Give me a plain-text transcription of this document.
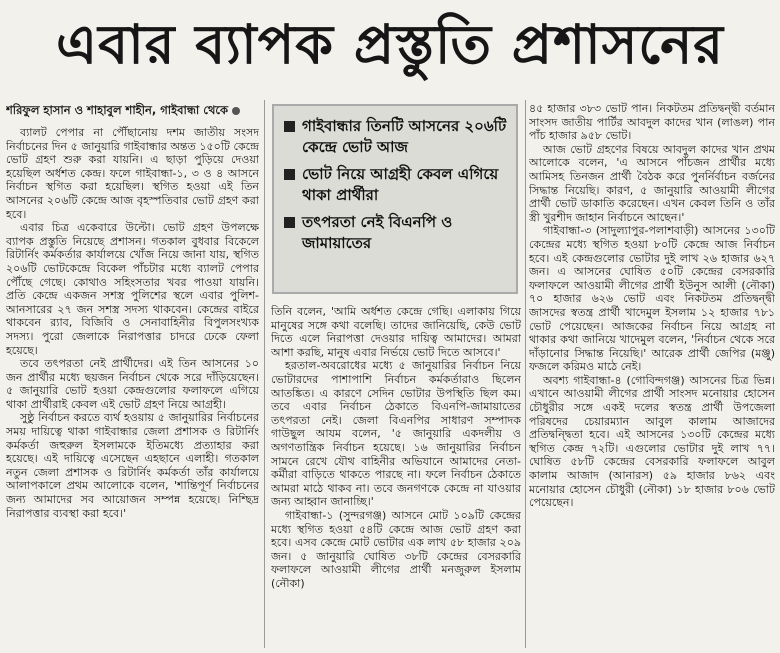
এবার ব্যাপক প্রস্তুতি প্রশাসনের
শরিফুল হাসান ও শাহাবুল শাহীন, গাইবান্ধা থেকে

ব্যালট পেপার না পৌঁছানোয় দশম জাতীয় সংসদ নির্বাচনের দিন ৫ জানুয়ারি গাইবান্ধার অন্তত ১৫০টি কেন্দ্রে ভোট গ্রহণ শুরু করা যায়নি। এ ছাড়া পুড়িয়ে দেওয়া হয়েছিল অর্ধশত কেন্দ্র। ফলে গাইবান্ধা-১, ৩ ও ৪ আসনে নির্বাচন স্থগিত করা হয়েছিল। স্থগিত হওয়া এই তিন আসনের ২০৬টি কেন্দ্রে আজ বৃহস্পতিবার ভোট গ্রহণ করা হবে।

এবার চিত্র একেবারে উল্টো। ভোট গ্রহণ উপলক্ষে ব্যাপক প্রস্তুতি নিয়েছে প্রশাসন। গতকাল বুধবার বিকেলে রিটার্নিং কর্মকর্তার কার্যালয়ে খোঁজ নিয়ে জানা যায়, স্থগিত ২০৬টি ভোটকেন্দ্রে বিকেল পাঁচটার মধ্যে ব্যালট পেপার পৌঁছে গেছে। কোথাও সহিংসতার খবর পাওয়া যায়নি। প্রতি কেন্দ্রে একজন সশস্ত্র পুলিশের স্থলে এবার পুলিশ-আনসারের ২৭ জন সশস্ত্র সদস্য থাকবেন। কেন্দ্রের বাইরে থাকবেন র‍্যাব, বিজিবি ও সেনাবাহিনীর বিপুলসংখ্যক সদস্য। পুরো জেলাকে নিরাপত্তার চাদরে ঢেকে ফেলা হয়েছে।

তবে তৎপরতা নেই প্রার্থীদের। এই তিন আসনের ১০ জন প্রার্থীর মধ্যে ছয়জন নির্বাচন থেকে সরে দাঁড়িয়েছেন। ৫ জানুয়ারি ভোট হওয়া কেন্দ্রগুলোর ফলাফলে এগিয়ে থাকা প্রার্থীরাই কেবল এই ভোট গ্রহণ নিয়ে আগ্রহী।

সুষ্ঠু নির্বাচন করতে ব্যর্থ হওয়ায় ৫ জানুয়ারির নির্বাচনের সময় দায়িত্বে থাকা গাইবান্ধার জেলা প্রশাসক ও রিটার্নিং কর্মকর্তা জহুরুল ইসলামকে ইতিমধ্যে প্রত্যাহার করা হয়েছে। এই দায়িত্বে এসেছেন এহছানে এলাহী। গতকাল নতুন জেলা প্রশাসক ও রিটার্নিং কর্মকর্তা তাঁর কার্যালয়ে আলাপকালে প্রথম আলোকে বলেন, 'শান্তিপূর্ণ নির্বাচনের জন্য আমাদের সব আয়োজন সম্পন্ন হয়েছে। নিশ্ছিদ্র নিরাপত্তার ব্যবস্থা করা হবে।'

গাইবান্ধার তিনটি আসনের ২০৬টি কেন্দ্রে ভোট আজ
ভোট নিয়ে আগ্রহী কেবল এগিয়ে থাকা প্রার্থীরা
তৎপরতা নেই বিএনপি ও জামায়াতের

তিনি বলেন, 'আমি অর্ধশত কেন্দ্রে গেছি। এলাকায় গিয়ে মানুষের সঙ্গে কথা বলেছি। তাদের জানিয়েছি, কেউ ভোট দিতে এলে নিরাপত্তা দেওয়ার দায়িত্ব আমাদের। আমরা আশা করছি, মানুষ এবার নির্ভয়ে ভোট দিতে আসবে।'

হরতাল-অবরোধের মধ্যে ৫ জানুয়ারির নির্বাচন নিয়ে ভোটারদের পাশাপাশি নির্বাচন কর্মকর্তারাও ছিলেন আতঙ্কিত। এ কারণে সেদিন ভোটার উপস্থিতি ছিল কম। তবে এবার নির্বাচন ঠেকাতে বিএনপি-জামায়াতের তৎপরতা নেই। জেলা বিএনপির সাধারণ সম্পাদক গাউছুল আযম বলেন, '৫ জানুয়ারি একদলীয় ও অগণতান্ত্রিক নির্বাচন হয়েছে। ১৬ জানুয়ারির নির্বাচন সামনে রেখে যৌথ বাহিনীর অভিযানে আমাদের নেতা-কর্মীরা বাড়িতে থাকতে পারছে না। ফলে নির্বাচন ঠেকাতে আমরা মাঠে থাকব না। তবে জনগণকে কেন্দ্রে না যাওয়ার জন্য আহ্বান জানাচ্ছি।'

গাইবান্ধা-১ (সুন্দরগঞ্জ) আসনে মোট ১০৯টি কেন্দ্রের মধ্যে স্থগিত হওয়া ৫৪টি কেন্দ্রে আজ ভোট গ্রহণ করা হবে। এসব কেন্দ্রে মোট ভোটার এক লাখ ৫৮ হাজার ২০৯ জন। ৫ জানুয়ারি ঘোষিত ৩৮টি কেন্দ্রের বেসরকারি ফলাফলে আওয়ামী লীগের প্রার্থী মনজুরুল ইসলাম (নৌকা)

৪৫ হাজার ৩৮৩ ভোট পান। নিকটতম প্রতিদ্বন্দ্বী বর্তমান সাংসদ জাতীয় পার্টির আবদুল কাদের খান (লাঙল) পান পাঁচ হাজার ৯৫৮ ভোট।

আজ ভোট গ্রহণের বিষয়ে আবদুল কাদের খান প্রথম আলোকে বলেন, 'এ আসনে পাঁচজন প্রার্থীর মধ্যে আমিসহ তিনজন প্রার্থী বৈঠক করে পুনর্নির্বাচন বর্জনের সিদ্ধান্ত নিয়েছি। কারণ, ৫ জানুয়ারি আওয়ামী লীগের প্রার্থী ভোট ডাকাতি করেছেন। এখন কেবল তিনি ও তাঁর স্ত্রী খুরশীদ জাহান নির্বাচনে আছেন।'

গাইবান্ধা-৩ (সাদুল্যাপুর-পলাশবাড়ী) আসনের ১৩০টি কেন্দ্রের মধ্যে স্থগিত হওয়া ৮০টি কেন্দ্রে আজ নির্বাচন হবে। এই কেন্দ্রগুলোর ভোটার দুই লাখ ২৬ হাজার ৬২৭ জন। এ আসনের ঘোষিত ৫০টি কেন্দ্রের বেসরকারি ফলাফলে আওয়ামী লীগের প্রার্থী ইউনুস আলী (নৌকা) ৭০ হাজার ৬২৬ ভোট এবং নিকটতম প্রতিদ্বন্দ্বী জাসদের স্বতন্ত্র প্রার্থী খাদেমুল ইসলাম ১২ হাজার ৭৮১ ভোট পেয়েছেন। আজকের নির্বাচন নিয়ে আগ্রহ না থাকার কথা জানিয়ে খাদেমুল বলেন, 'নির্বাচন থেকে সরে দাঁড়ানোর সিদ্ধান্ত নিয়েছি।' আরেক প্রার্থী জেপির (মঞ্জু) ফজলে করিমও মাঠে নেই।

অবশ্য গাইবান্ধা-৪ (গোবিন্দগঞ্জ) আসনের চিত্র ভিন্ন। এখানে আওয়ামী লীগের প্রার্থী সাংসদ মনোয়ার হোসেন চৌধুরীর সঙ্গে একই দলের স্বতন্ত্র প্রার্থী উপজেলা পরিষদের চেয়ারম্যান আবুল কালাম আজাদের প্রতিদ্বন্দ্বিতা হবে। এই আসনের ১৩০টি কেন্দ্রের মধ্যে স্থগিত কেন্দ্র ৭২টি। এগুলোর ভোটার দুই লাখ ৭৭। ঘোষিত ৫৮টি কেন্দ্রের বেসরকারি ফলাফলে আবুল কালাম আজাদ (আনারস) ৫৯ হাজার ৮৬২ এবং মনোয়ার হোসেন চৌধুরী (নৌকা) ১৮ হাজার ৮০৬ ভোট পেয়েছেন।
